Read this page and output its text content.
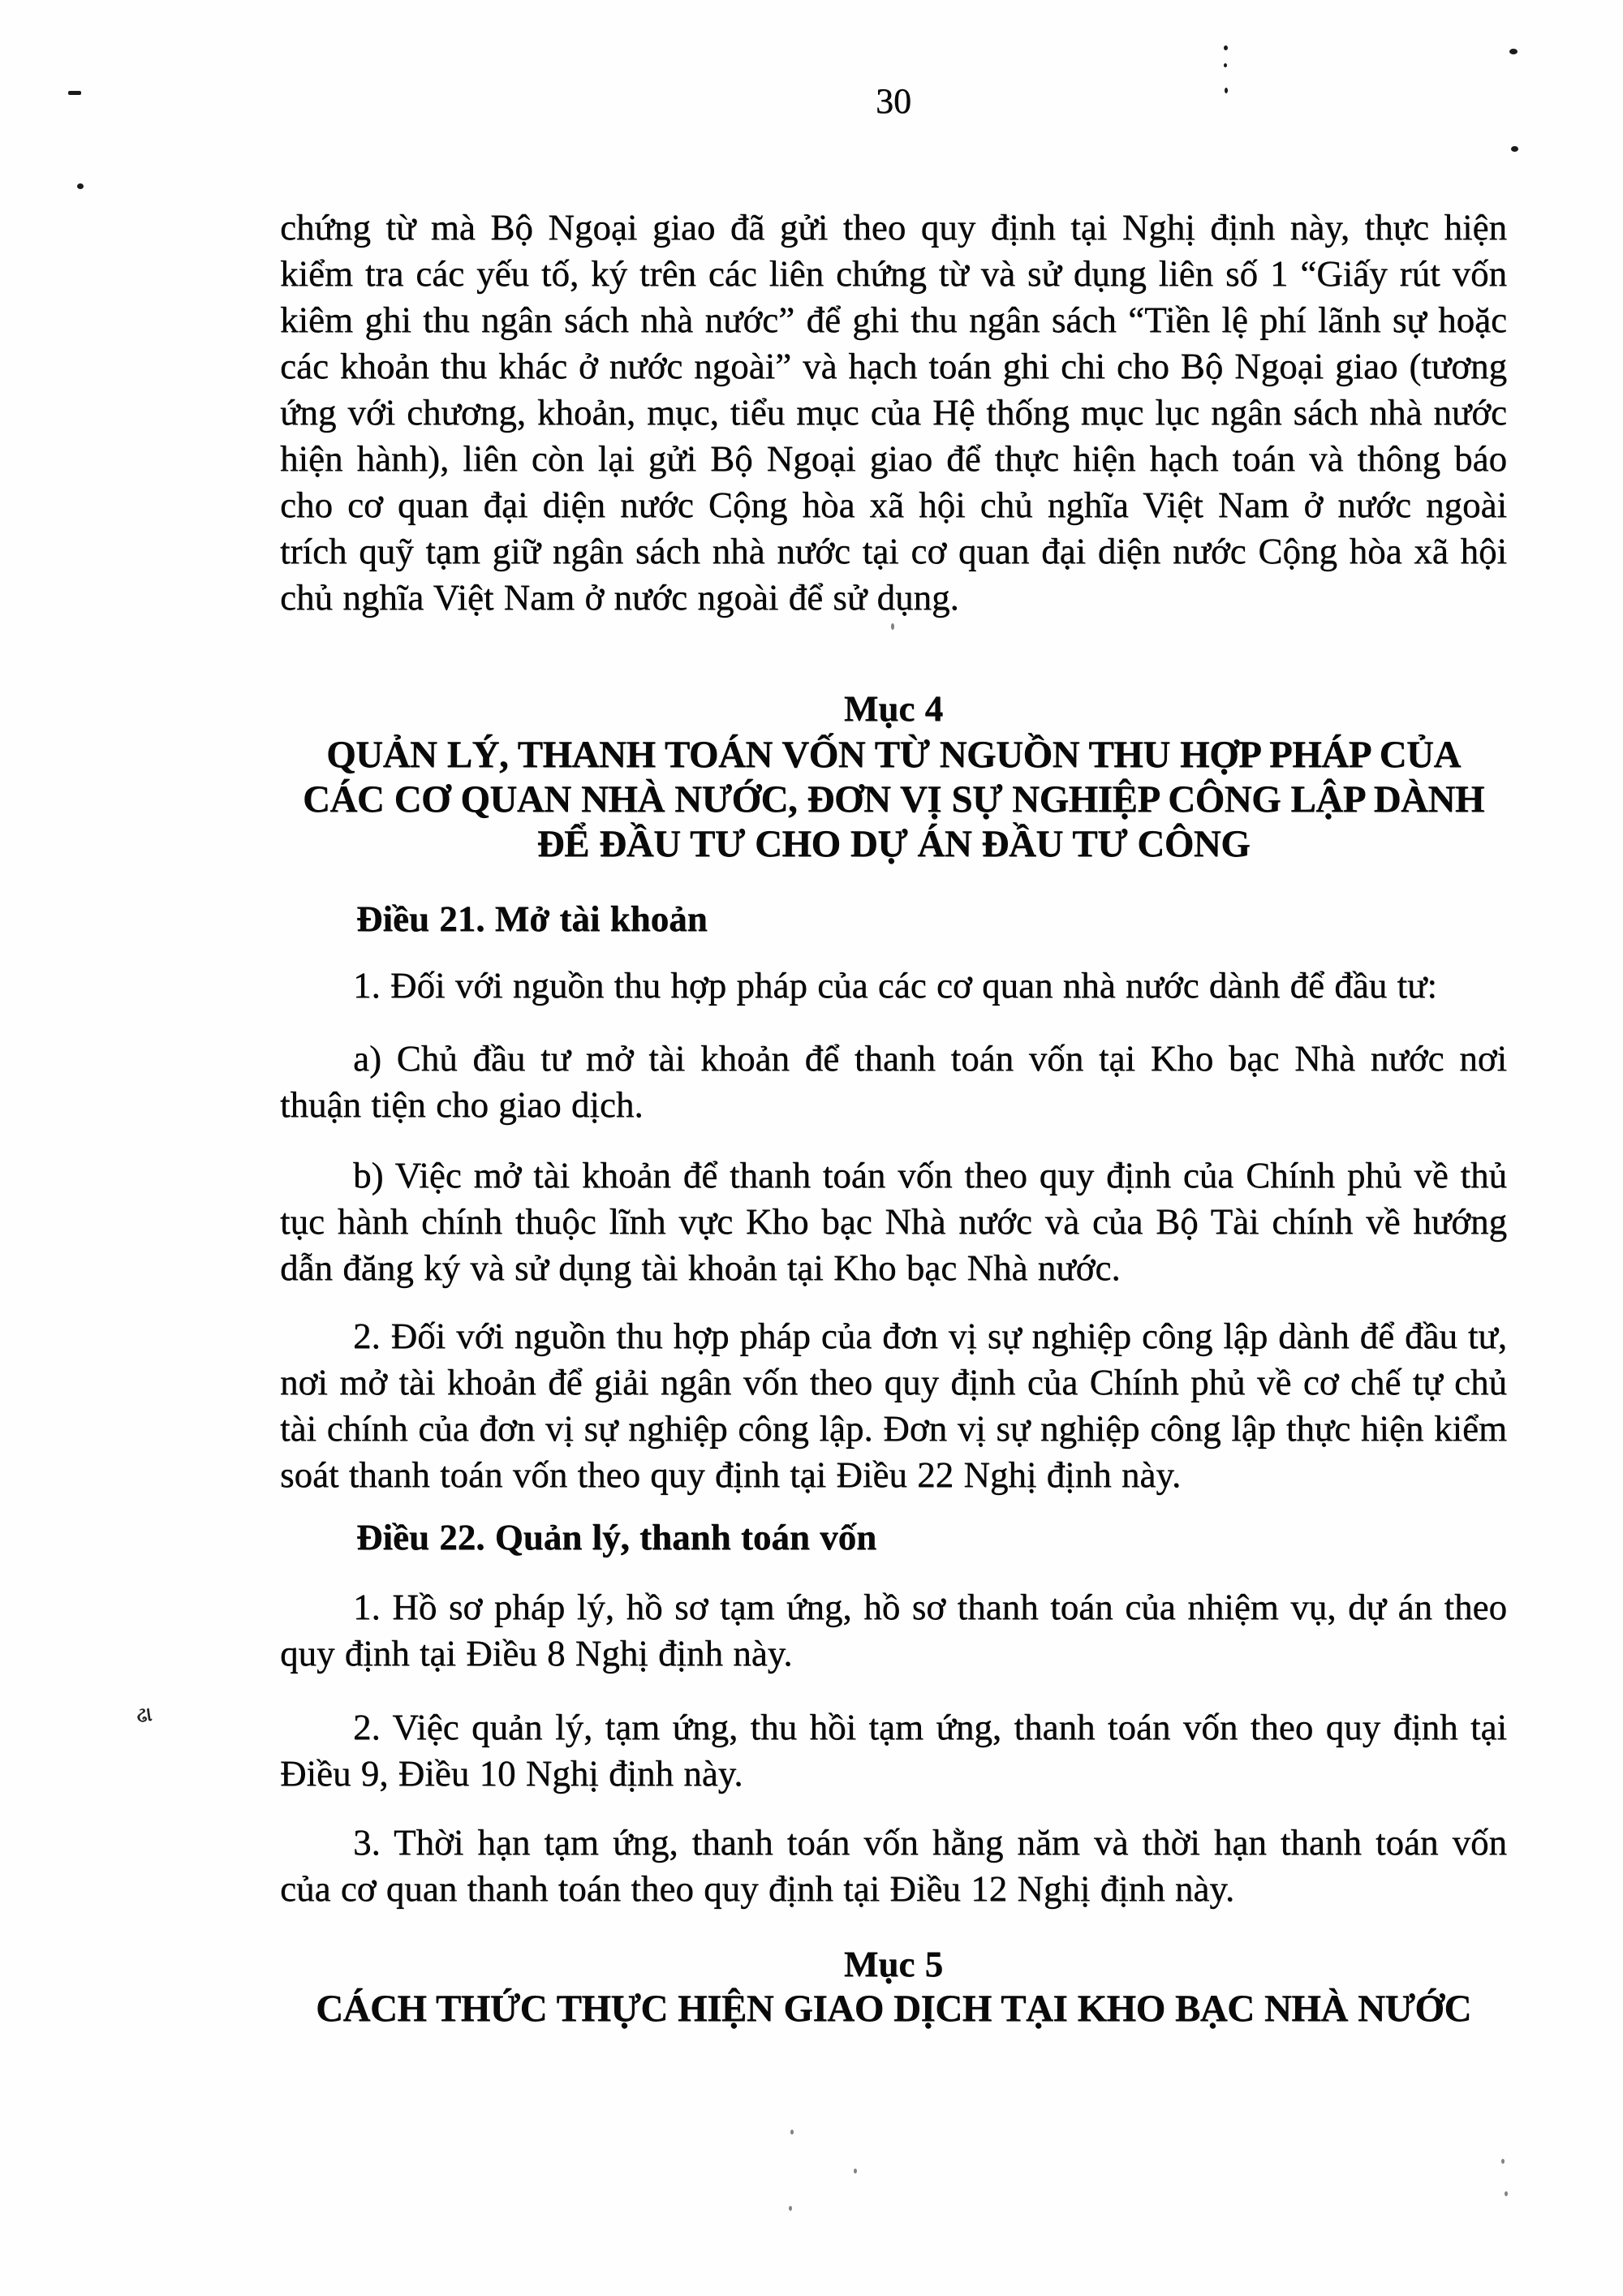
30
chứng từ mà Bộ Ngoại giao đã gửi theo quy định tại Nghị định này, thực hiện kiểm tra các yếu tố, ký trên các liên chứng từ và sử dụng liên số 1 “Giấy rút vốn kiêm ghi thu ngân sách nhà nước” để ghi thu ngân sách “Tiền lệ phí lãnh sự hoặc các khoản thu khác ở nước ngoài” và hạch toán ghi chi cho Bộ Ngoại giao (tương ứng với chương, khoản, mục, tiểu mục của Hệ thống mục lục ngân sách nhà nước hiện hành), liên còn lại gửi Bộ Ngoại giao để thực hiện hạch toán và thông báo cho cơ quan đại diện nước Cộng hòa xã hội chủ nghĩa Việt Nam ở nước ngoài trích quỹ tạm giữ ngân sách nhà nước tại cơ quan đại diện nước Cộng hòa xã hội chủ nghĩa Việt Nam ở nước ngoài để sử dụng.
Mục 4
QUẢN LÝ, THANH TOÁN VỐN TỪ NGUỒN THU HỢP PHÁP CỦA
CÁC CƠ QUAN NHÀ NƯỚC, ĐƠN VỊ SỰ NGHIỆP CÔNG LẬP DÀNH
ĐỂ ĐẦU TƯ CHO DỰ ÁN ĐẦU TƯ CÔNG
Điều 21. Mở tài khoản
1. Đối với nguồn thu hợp pháp của các cơ quan nhà nước dành để đầu tư:
a) Chủ đầu tư mở tài khoản để thanh toán vốn tại Kho bạc Nhà nước nơi thuận tiện cho giao dịch.
b) Việc mở tài khoản để thanh toán vốn theo quy định của Chính phủ về thủ tục hành chính thuộc lĩnh vực Kho bạc Nhà nước và của Bộ Tài chính về hướng dẫn đăng ký và sử dụng tài khoản tại Kho bạc Nhà nước.
2. Đối với nguồn thu hợp pháp của đơn vị sự nghiệp công lập dành để đầu tư, nơi mở tài khoản để giải ngân vốn theo quy định của Chính phủ về cơ chế tự chủ tài chính của đơn vị sự nghiệp công lập. Đơn vị sự nghiệp công lập thực hiện kiểm soát thanh toán vốn theo quy định tại Điều 22 Nghị định này.
Điều 22. Quản lý, thanh toán vốn
1. Hồ sơ pháp lý, hồ sơ tạm ứng, hồ sơ thanh toán của nhiệm vụ, dự án theo quy định tại Điều 8 Nghị định này.
2. Việc quản lý, tạm ứng, thu hồi tạm ứng, thanh toán vốn theo quy định tại Điều 9, Điều 10 Nghị định này.
3. Thời hạn tạm ứng, thanh toán vốn hằng năm và thời hạn thanh toán vốn của cơ quan thanh toán theo quy định tại Điều 12 Nghị định này.
Mục 5
CÁCH THỨC THỰC HIỆN GIAO DỊCH TẠI KHO BẠC NHÀ NƯỚC
ઢા
